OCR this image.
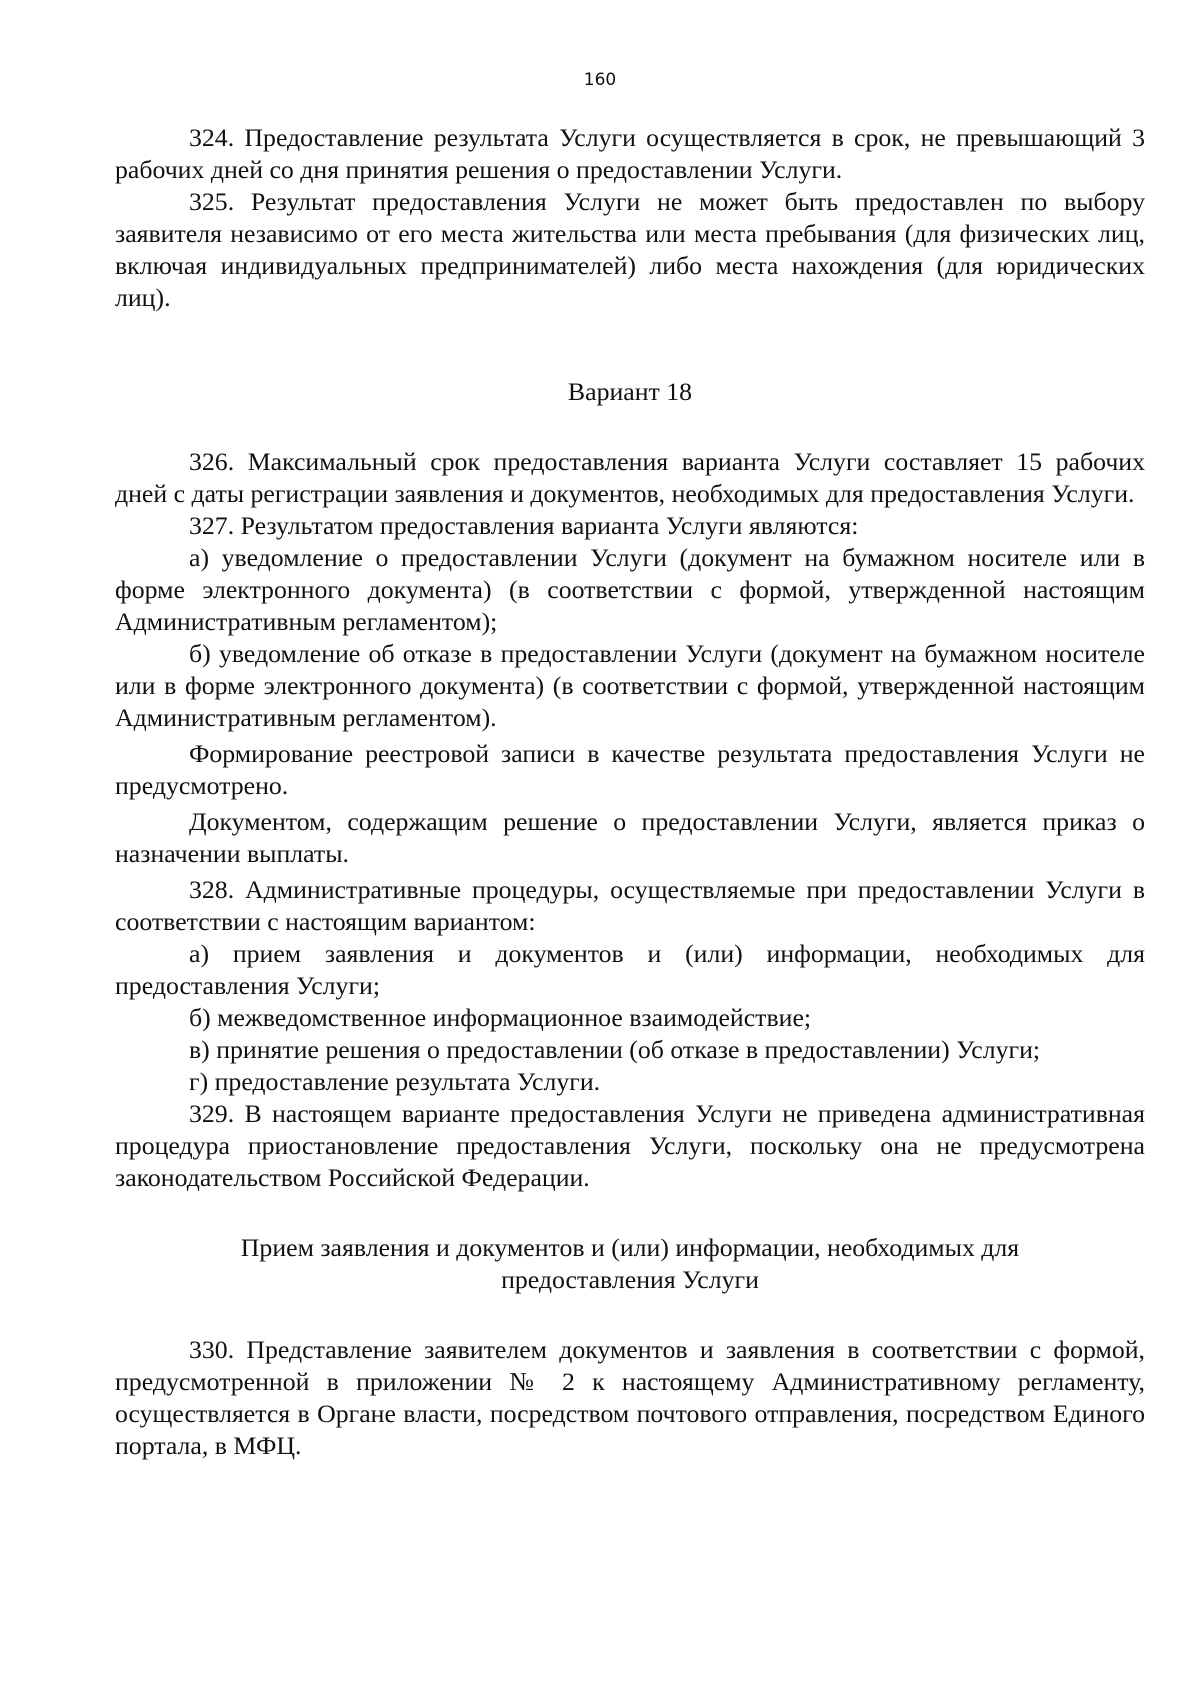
160

324. Предоставление результата Услуги осуществляется в срок, не превышающий 3 рабочих дней со дня принятия решения о предоставлении Услуги.

325. Результат предоставления Услуги не может быть предоставлен по выбору заявителя независимо от его места жительства или места пребывания (для физических лиц, включая индивидуальных предпринимателей) либо места нахождения (для юридических лиц).

Вариант 18

326. Максимальный срок предоставления варианта Услуги составляет 15 рабочих дней с даты регистрации заявления и документов, необходимых для предоставления Услуги.

327. Результатом предоставления варианта Услуги являются:

а) уведомление о предоставлении Услуги (документ на бумажном носителе или в форме электронного документа) (в соответствии с формой, утвержденной настоящим Административным регламентом);

б) уведомление об отказе в предоставлении Услуги (документ на бумажном носителе или в форме электронного документа) (в соответствии с формой, утвержденной настоящим Административным регламентом).

Формирование реестровой записи в качестве результата предоставления Услуги не предусмотрено.

Документом, содержащим решение о предоставлении Услуги, является приказ о назначении выплаты.

328. Административные процедуры, осуществляемые при предоставлении Услуги в соответствии с настоящим вариантом:

а) прием заявления и документов и (или) информации, необходимых для предоставления Услуги;

б) межведомственное информационное взаимодействие;

в) принятие решения о предоставлении (об отказе в предоставлении) Услуги;

г) предоставление результата Услуги.

329. В настоящем варианте предоставления Услуги не приведена административная процедура приостановление предоставления Услуги, поскольку она не предусмотрена законодательством Российской Федерации.

Прием заявления и документов и (или) информации, необходимых для предоставления Услуги

330. Представление заявителем документов и заявления в соответствии с формой, предусмотренной в приложении № 2 к настоящему Административному регламенту, осуществляется в Органе власти, посредством почтового отправления, посредством Единого портала, в МФЦ.
